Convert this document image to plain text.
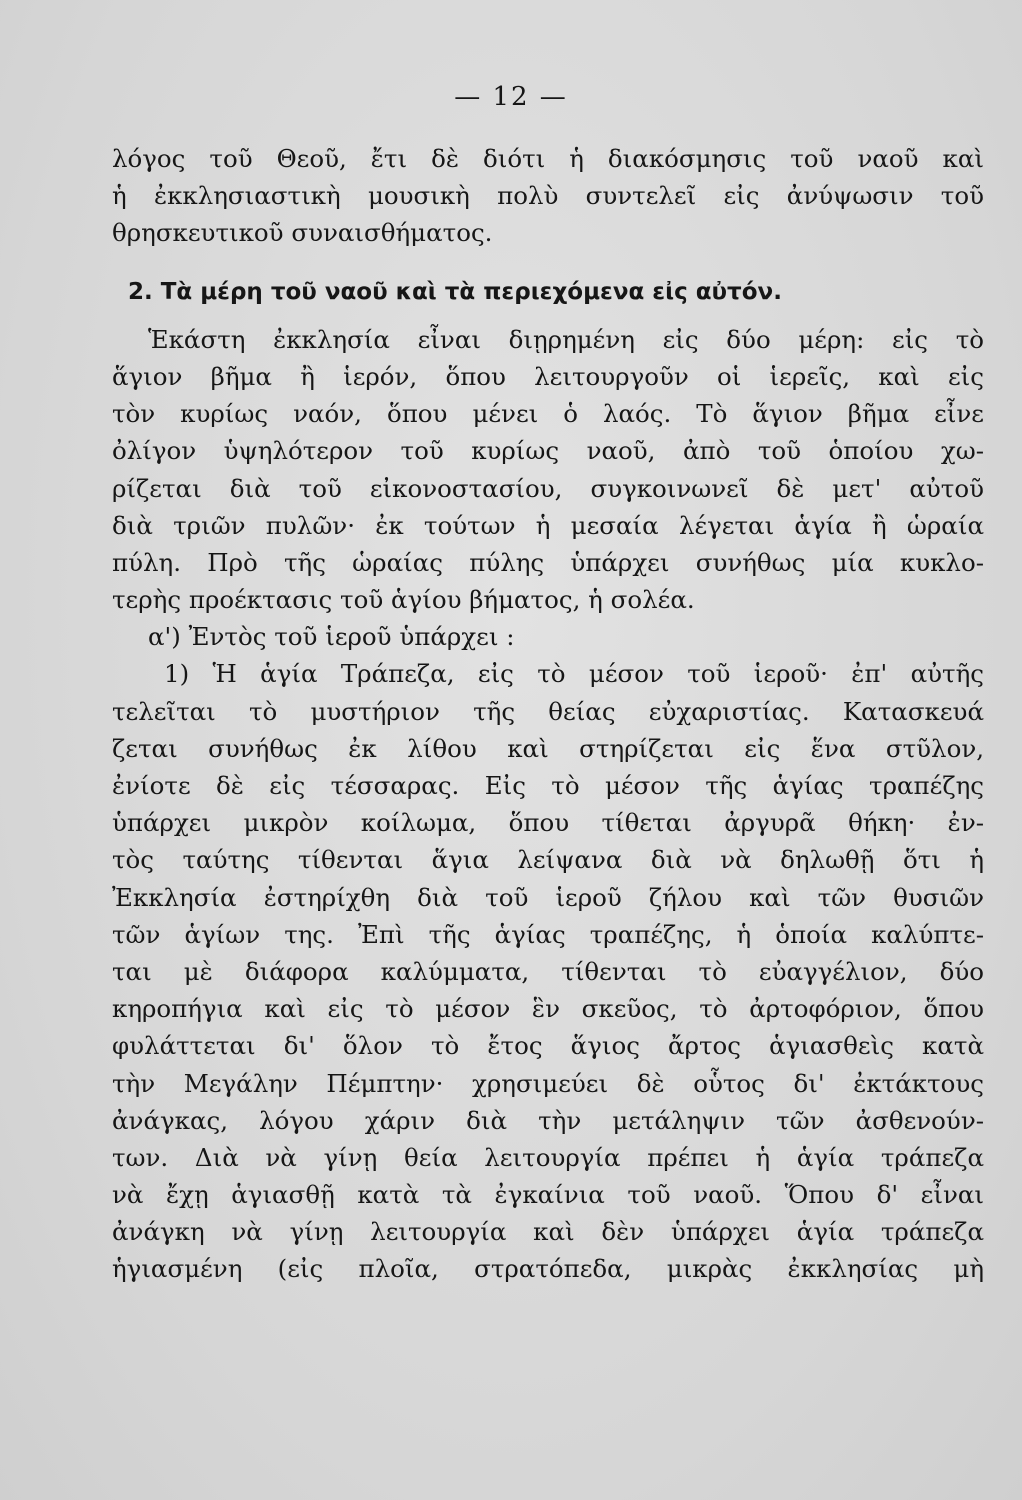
— 12 —
λόγος τοῦ Θεοῦ, ἔτι δὲ διότι ἡ διακόσμησις τοῦ ναοῦ καὶ
ἡ ἐκκλησιαστικὴ μουσικὴ πολὺ συντελεῖ εἰς ἀνύψωσιν τοῦ
θρησκευτικοῦ συναισθήματος.
2. Τὰ μέρη τοῦ ναοῦ καὶ τὰ περιεχόμενα εἰς αὐτόν.
Ἑκάστη ἐκκλησία εἶναι διῃρημένη εἰς δύο μέρη: εἰς τὸ
ἅγιον βῆμα ἢ ἱερόν, ὅπου λειτουργοῦν οἱ ἱερεῖς, καὶ εἰς
τὸν κυρίως ναόν, ὅπου μένει ὁ λαός. Τὸ ἅγιον βῆμα εἶνε
ὀλίγον ὑψηλότερον τοῦ κυρίως ναοῦ, ἀπὸ τοῦ ὁποίου χω-
ρίζεται διὰ τοῦ εἰκονοστασίου, συγκοινωνεῖ δὲ μετ' αὐτοῦ
διὰ τριῶν πυλῶν· ἐκ τούτων ἡ μεσαία λέγεται ἁγία ἢ ὡραία
πύλη. Πρὸ τῆς ὡραίας πύλης ὑπάρχει συνήθως μία κυκλο-
τερὴς προέκτασις τοῦ ἁγίου βήματος, ἡ σολέα.
α') Ἐντὸς τοῦ ἱεροῦ ὑπάρχει :
1) Ἡ ἁγία Τράπεζα, εἰς τὸ μέσον τοῦ ἱεροῦ· ἐπ' αὐτῆς
τελεῖται τὸ μυστήριον τῆς θείας εὐχαριστίας. Κατασκευά
ζεται συνήθως ἐκ λίθου καὶ στηρίζεται εἰς ἕνα στῦλον,
ἐνίοτε δὲ εἰς τέσσαρας. Εἰς τὸ μέσον τῆς ἁγίας τραπέζης
ὑπάρχει μικρὸν κοίλωμα, ὅπου τίθεται ἀργυρᾶ θήκη· ἐν-
τὸς ταύτης τίθενται ἅγια λείψανα διὰ νὰ δηλωθῇ ὅτι ἡ
Ἐκκλησία ἐστηρίχθη διὰ τοῦ ἱεροῦ ζήλου καὶ τῶν θυσιῶν
τῶν ἁγίων της. Ἐπὶ τῆς ἁγίας τραπέζης, ἡ ὁποία καλύπτε-
ται μὲ διάφορα καλύμματα, τίθενται τὸ εὐαγγέλιον, δύο
κηροπήγια καὶ εἰς τὸ μέσον ἓν σκεῦος, τὸ ἀρτοφόριον, ὅπου
φυλάττεται δι' ὅλον τὸ ἔτος ἅγιος ἄρτος ἁγιασθεὶς κατὰ
τὴν Μεγάλην Πέμπτην· χρησιμεύει δὲ οὗτος δι' ἐκτάκτους
ἀνάγκας, λόγου χάριν διὰ τὴν μετάληψιν τῶν ἀσθενούν-
των. Διὰ νὰ γίνῃ θεία λειτουργία πρέπει ἡ ἁγία τράπεζα
νὰ ἔχῃ ἁγιασθῇ κατὰ τὰ ἐγκαίνια τοῦ ναοῦ. Ὅπου δ' εἶναι
ἀνάγκη νὰ γίνῃ λειτουργία καὶ δὲν ὑπάρχει ἁγία τράπεζα
ἡγιασμένη (εἰς πλοῖα, στρατόπεδα, μικρὰς ἐκκλησίας μὴ
